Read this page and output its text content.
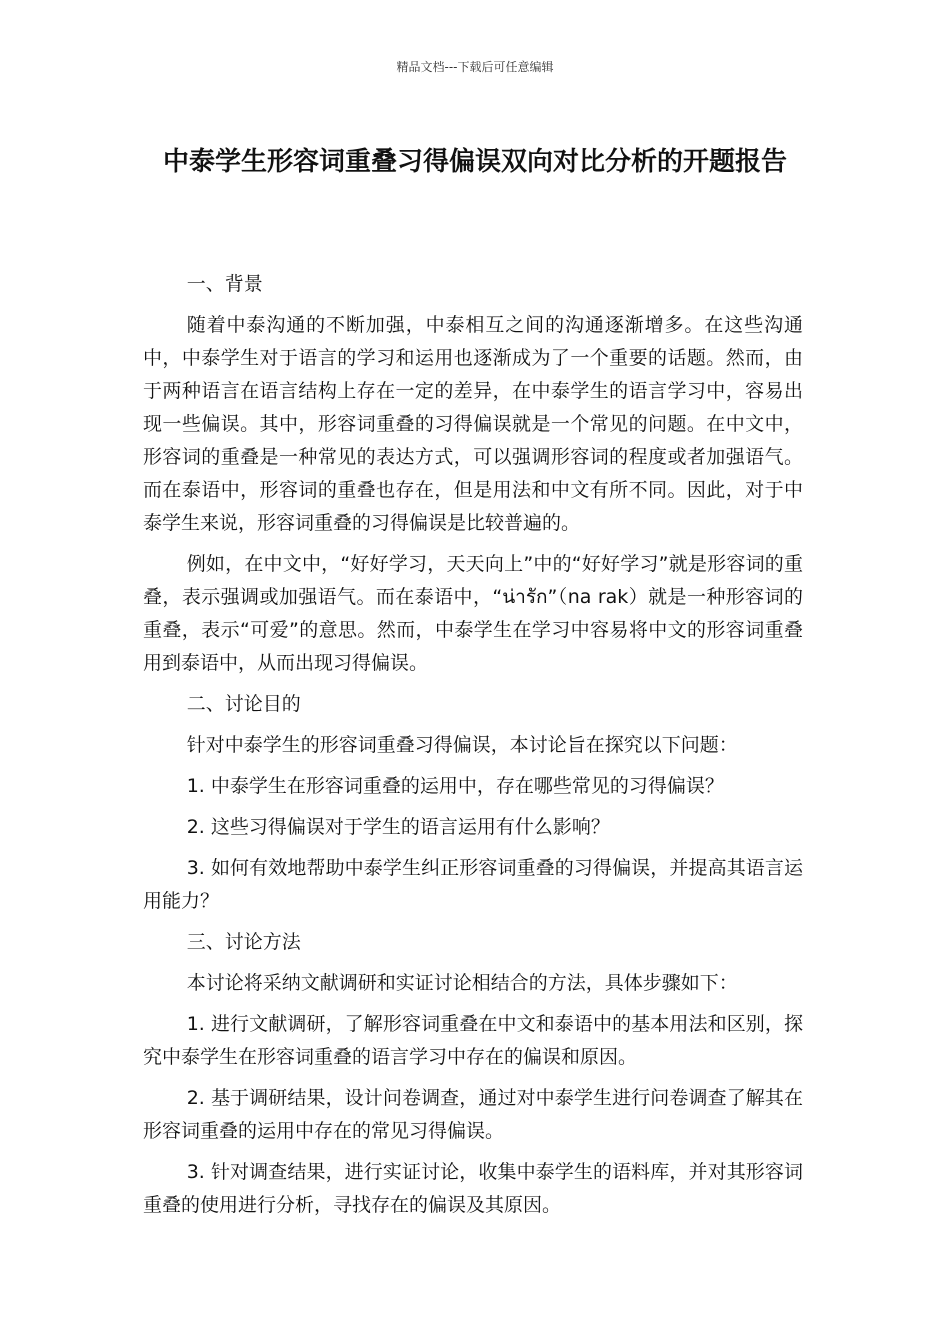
精品文档---下载后可任意编辑
中泰学生形容词重叠习得偏误双向对比分析的开题报告

一、背景

随着中泰沟通的不断加强，中泰相互之间的沟通逐渐增多。在这些沟通中，中泰学生对于语言的学习和运用也逐渐成为了一个重要的话题。然而，由于两种语言在语言结构上存在一定的差异，在中泰学生的语言学习中，容易出现一些偏误。其中，形容词重叠的习得偏误就是一个常见的问题。在中文中，形容词的重叠是一种常见的表达方式，可以强调形容词的程度或者加强语气。而在泰语中，形容词的重叠也存在，但是用法和中文有所不同。因此，对于中泰学生来说，形容词重叠的习得偏误是比较普遍的。

例如，在中文中，“好好学习，天天向上”中的“好好学习”就是形容词的重叠，表示强调或加强语气。而在泰语中，“น่ารัก”（na rak）就是一种形容词的重叠，表示“可爱”的意思。然而，中泰学生在学习中容易将中文的形容词重叠用到泰语中，从而出现习得偏误。

二、讨论目的

针对中泰学生的形容词重叠习得偏误，本讨论旨在探究以下问题：

1. 中泰学生在形容词重叠的运用中，存在哪些常见的习得偏误？

2. 这些习得偏误对于学生的语言运用有什么影响？

3. 如何有效地帮助中泰学生纠正形容词重叠的习得偏误，并提高其语言运用能力？

三、讨论方法

本讨论将采纳文献调研和实证讨论相结合的方法，具体步骤如下：

1. 进行文献调研，了解形容词重叠在中文和泰语中的基本用法和区别，探究中泰学生在形容词重叠的语言学习中存在的偏误和原因。

2. 基于调研结果，设计问卷调查，通过对中泰学生进行问卷调查了解其在形容词重叠的运用中存在的常见习得偏误。

3. 针对调查结果，进行实证讨论，收集中泰学生的语料库，并对其形容词重叠的使用进行分析，寻找存在的偏误及其原因。
